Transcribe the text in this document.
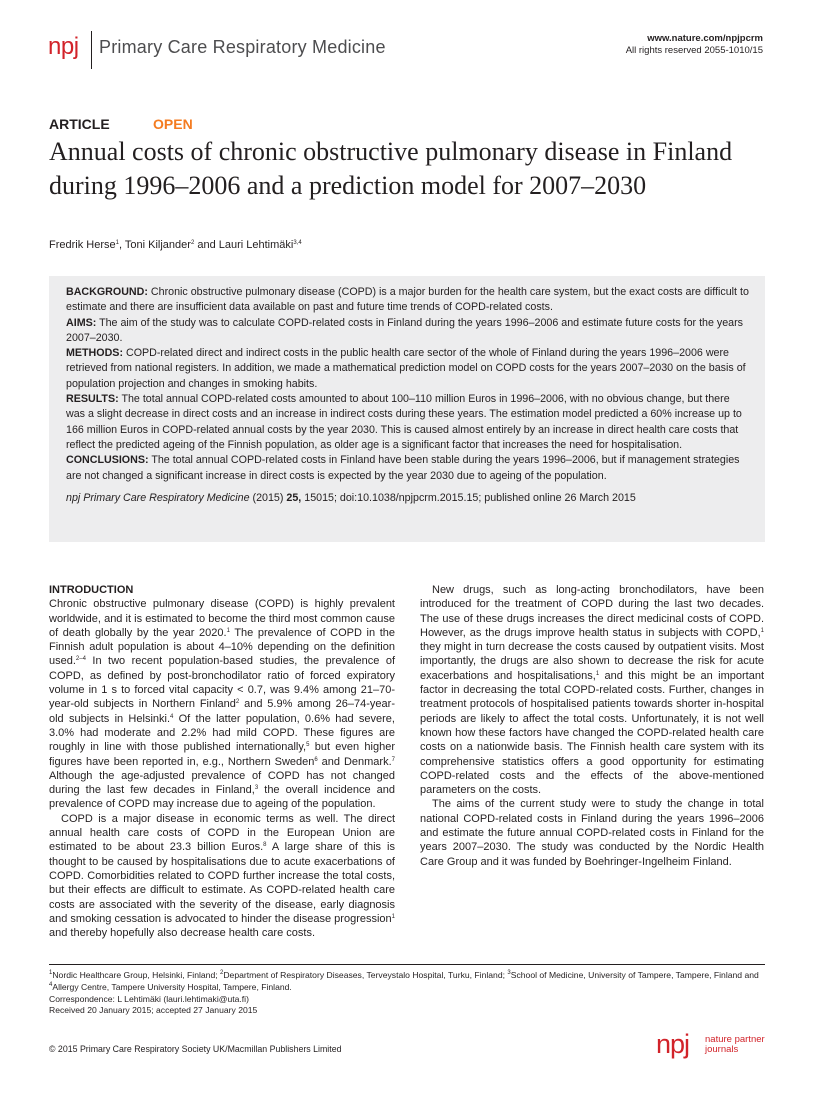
npj Primary Care Respiratory Medicine	www.nature.com/npjpcrm
All rights reserved 2055-1010/15
ARTICLE	OPEN
Annual costs of chronic obstructive pulmonary disease in Finland during 1996–2006 and a prediction model for 2007–2030
Fredrik Herse$^1$, Toni Kiljander$^2$ and Lauri Lehtimäki$^{3,4}$

BACKGROUND: Chronic obstructive pulmonary disease (COPD) is a major burden for the health care system, but the exact costs are difficult to estimate and there are insufficient data available on past and future time trends of COPD-related costs.

AIMS: The aim of the study was to calculate COPD-related costs in Finland during the years 1996–2006 and estimate future costs for the years 2007–2030.

METHODS: COPD-related direct and indirect costs in the public health care sector of the whole of Finland during the years 1996–2006 were retrieved from national registers. In addition, we made a mathematical prediction model on COPD costs for the years 2007–2030 on the basis of population projection and changes in smoking habits.

RESULTS: The total annual COPD-related costs amounted to about 100–110 million Euros in 1996–2006, with no obvious change, but there was a slight decrease in direct costs and an increase in indirect costs during these years. The estimation model predicted a 60% increase up to 166 million Euros in COPD-related annual costs by the year 2030. This is caused almost entirely by an increase in direct health care costs that reflect the predicted ageing of the Finnish population, as older age is a significant factor that increases the need for hospitalisation.

CONCLUSIONS: The total annual COPD-related costs in Finland have been stable during the years 1996–2006, but if management strategies are not changed a significant increase in direct costs is expected by the year 2030 due to ageing of the population.

npj Primary Care Respiratory Medicine (2015) 25, 15015; doi:10.1038/npjpcrm.2015.15; published online 26 March 2015

INTRODUCTION

Chronic obstructive pulmonary disease (COPD) is highly prevalent worldwide, and it is estimated to become the third most common cause of death globally by the year 2020.$^1$ The prevalence of COPD in the Finnish adult population is about 4–10% depending on the definition used.$^{2-4}$ In two recent population-based studies, the prevalence of COPD, as defined by post-bronchodilator ratio of forced expiratory volume in 1 s to forced vital capacity < 0.7, was 9.4% among 21–70-year-old subjects in Northern Finland$^2$ and 5.9% among 26–74-year-old subjects in Helsinki.$^4$ Of the latter population, 0.6% had severe, 3.0% had moderate and 2.2% had mild COPD. These figures are roughly in line with those published internationally,$^5$ but even higher figures have been reported in, e.g., Northern Sweden$^6$ and Denmark.$^7$ Although the age-adjusted prevalence of COPD has not changed during the last few decades in Finland,$^3$ the overall incidence and prevalence of COPD may increase due to ageing of the population.

COPD is a major disease in economic terms as well. The direct annual health care costs of COPD in the European Union are estimated to be about 23.3 billion Euros.$^8$ A large share of this is thought to be caused by hospitalisations due to acute exacerbations of COPD. Comorbidities related to COPD further increase the total costs, but their effects are difficult to estimate. As COPD-related health care costs are associated with the severity of the disease, early diagnosis and smoking cessation is advocated to hinder the disease progression$^1$ and thereby hopefully also decrease health care costs.

New drugs, such as long-acting bronchodilators, have been introduced for the treatment of COPD during the last two decades. The use of these drugs increases the direct medicinal costs of COPD. However, as the drugs improve health status in subjects with COPD,$^1$ they might in turn decrease the costs caused by outpatient visits. Most importantly, the drugs are also shown to decrease the risk for acute exacerbations and hospitalisations,$^1$ and this might be an important factor in decreasing the total COPD-related costs. Further, changes in treatment protocols of hospitalised patients towards shorter in-hospital periods are likely to affect the total costs. Unfortunately, it is not well known how these factors have changed the COPD-related health care costs on a nationwide basis. The Finnish health care system with its comprehensive statistics offers a good opportunity for estimating COPD-related costs and the effects of the above-mentioned parameters on the costs.

The aims of the current study were to study the change in total national COPD-related costs in Finland during the years 1996–2006 and estimate the future annual COPD-related costs in Finland for the years 2007–2030. The study was conducted by the Nordic Health Care Group and it was funded by Boehringer-Ingelheim Finland.

$^1$Nordic Healthcare Group, Helsinki, Finland; $^2$Department of Respiratory Diseases, Terveystalo Hospital, Turku, Finland; $^3$School of Medicine, University of Tampere, Tampere, Finland and $^4$Allergy Centre, Tampere University Hospital, Tampere, Finland.

Correspondence: L Lehtimäki (lauri.lehtimaki@uta.fi)

Received 20 January 2015; accepted 27 January 2015

© 2015 Primary Care Respiratory Society UK/Macmillan Publishers Limited	npj nature partner
journals
